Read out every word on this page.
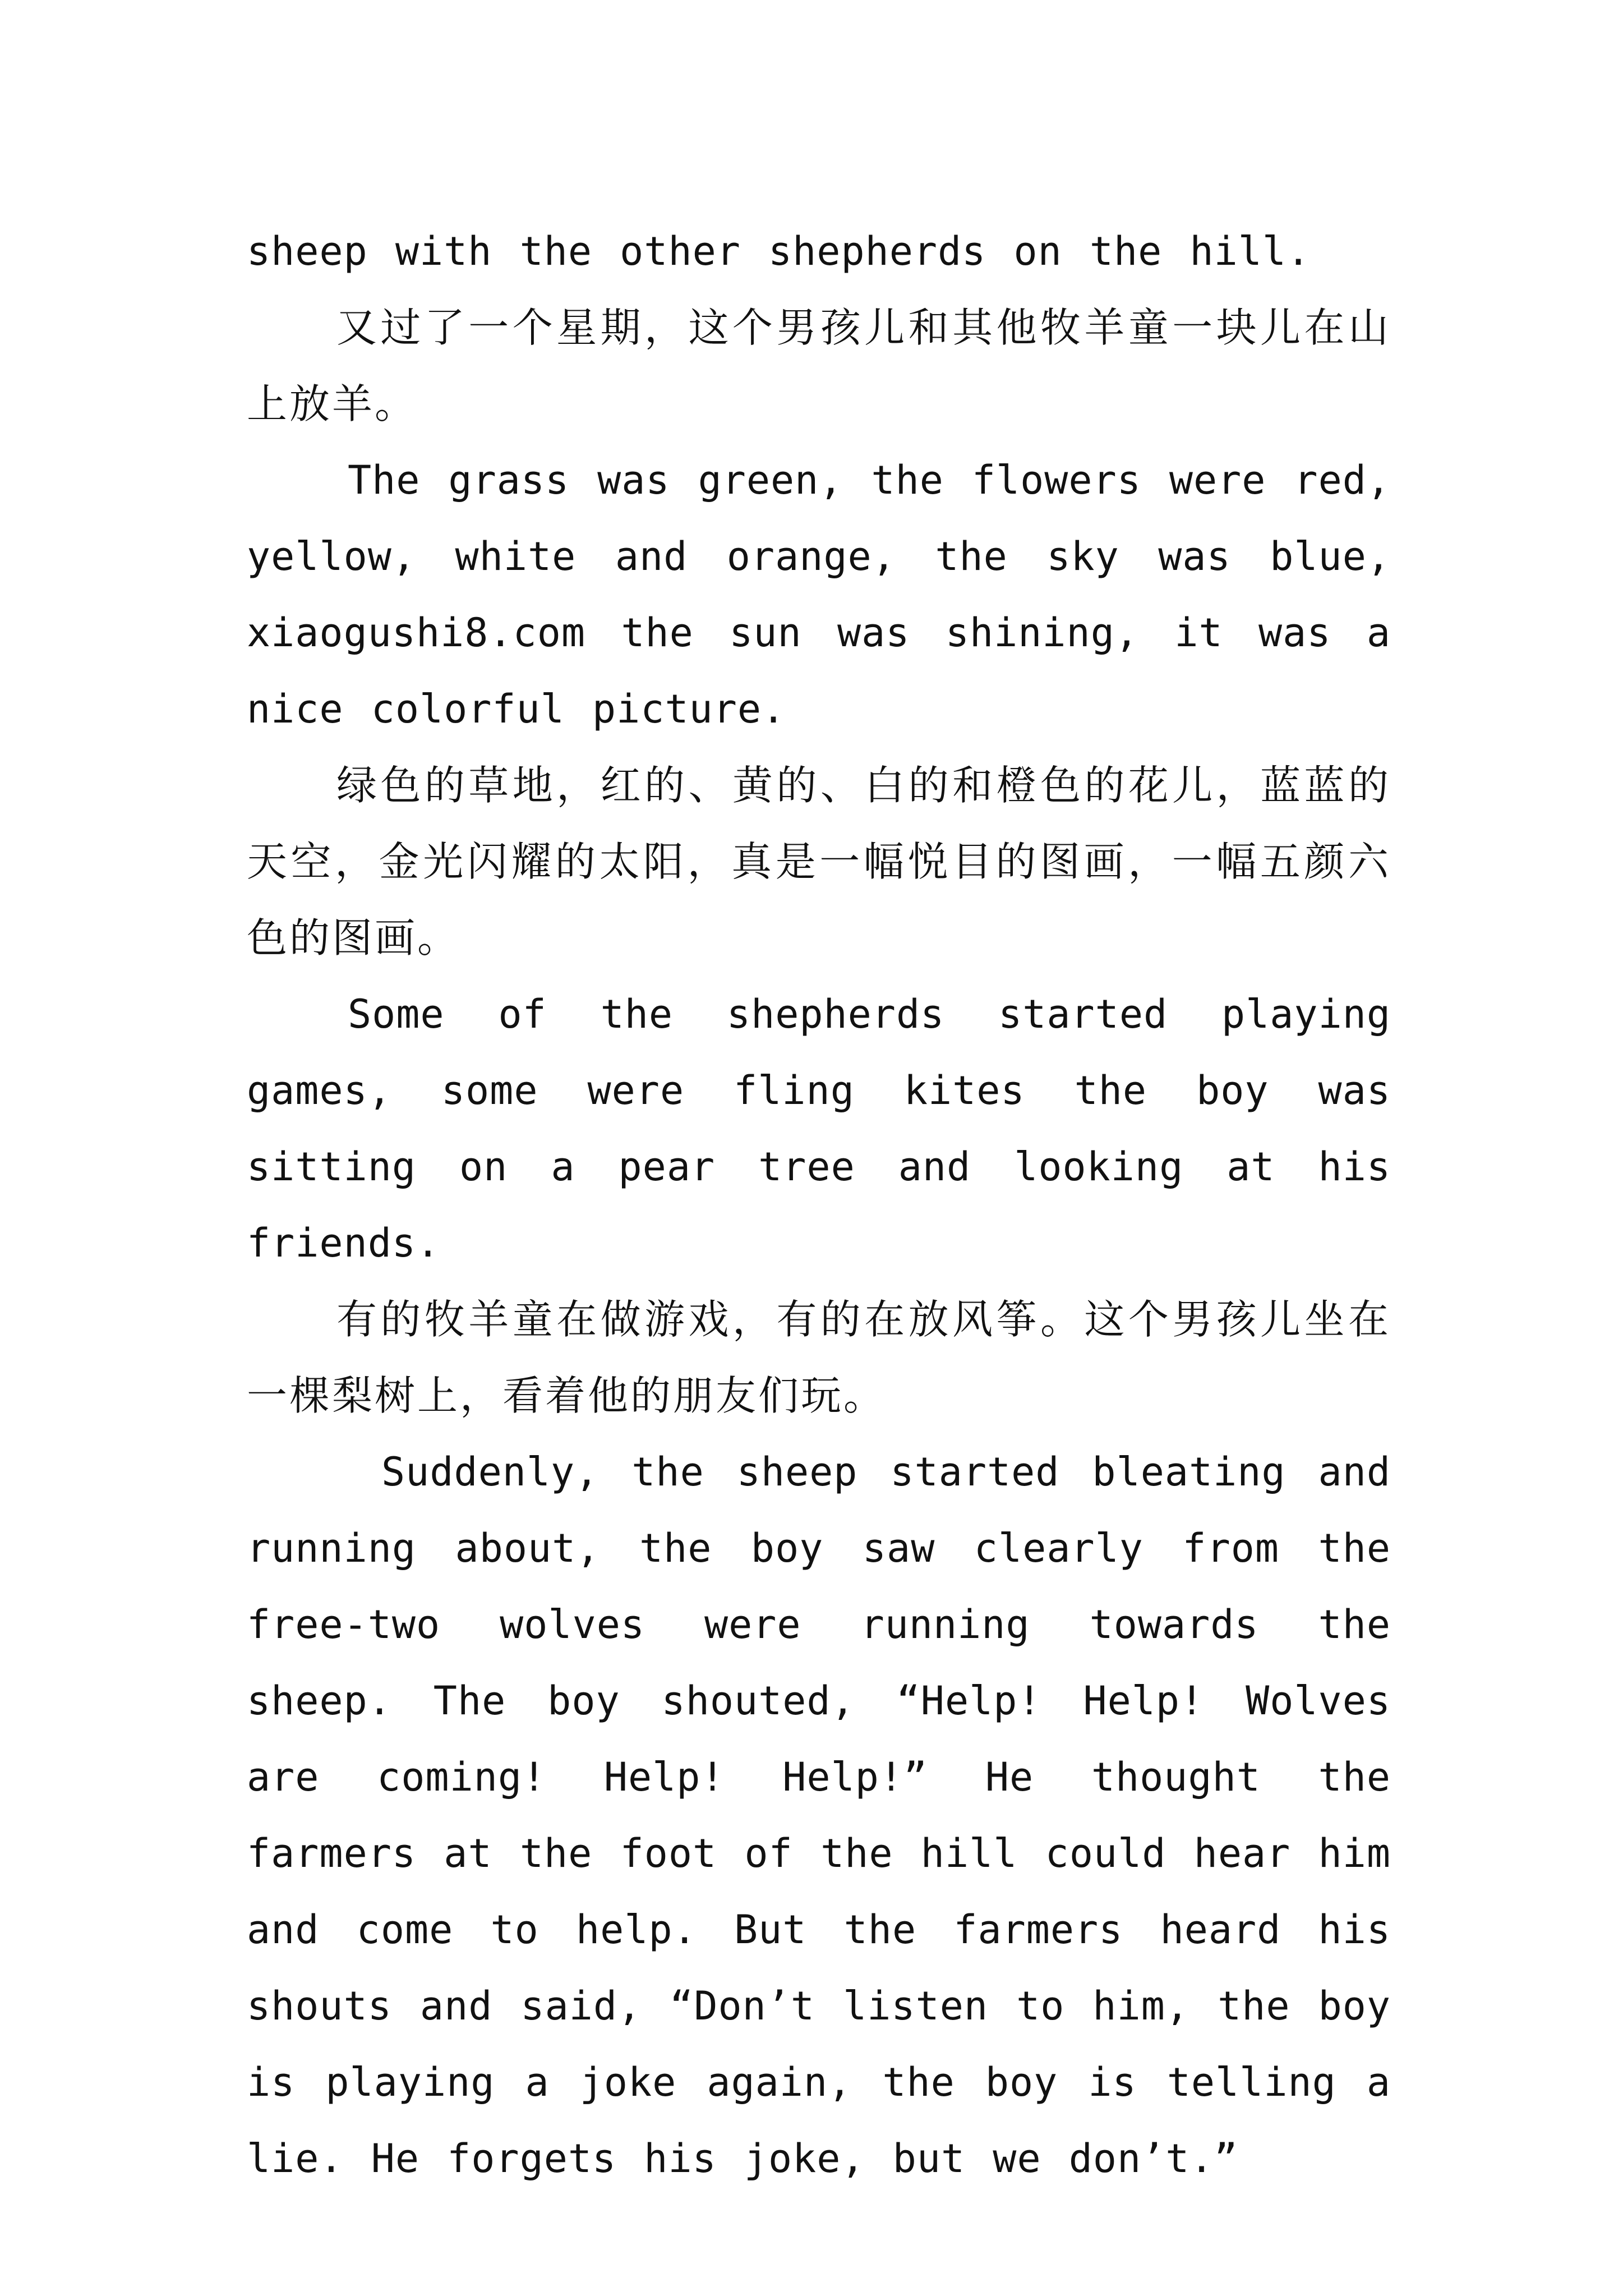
sheep with the other shepherds on the hill.

又过了一个星期，这个男孩儿和其他牧羊童一块儿在山上放羊。

The grass was green, the flowers were red, yellow, white and orange, the sky was blue, xiaogushi8.com the sun was shining, it was a nice colorful picture.

绿色的草地，红的、黄的、白的和橙色的花儿，蓝蓝的天空，金光闪耀的太阳，真是一幅悦目的图画，一幅五颜六色的图画。

Some of the shepherds started playing games, some were fling kites the boy was sitting on a pear tree and looking at his friends.

有的牧羊童在做游戏，有的在放风筝。这个男孩儿坐在一棵梨树上，看着他的朋友们玩。

Suddenly, the sheep started bleating and running about, the boy saw clearly from the free-two wolves were running towards the sheep. The boy shouted, “Help! Help! Wolves are coming! Help! Help!” He thought the farmers at the foot of the hill could hear him and come to help. But the farmers heard his shouts and said, “Don’t listen to him, the boy is playing a joke again, the boy is telling a lie. He forgets his joke, but we don’t.”
